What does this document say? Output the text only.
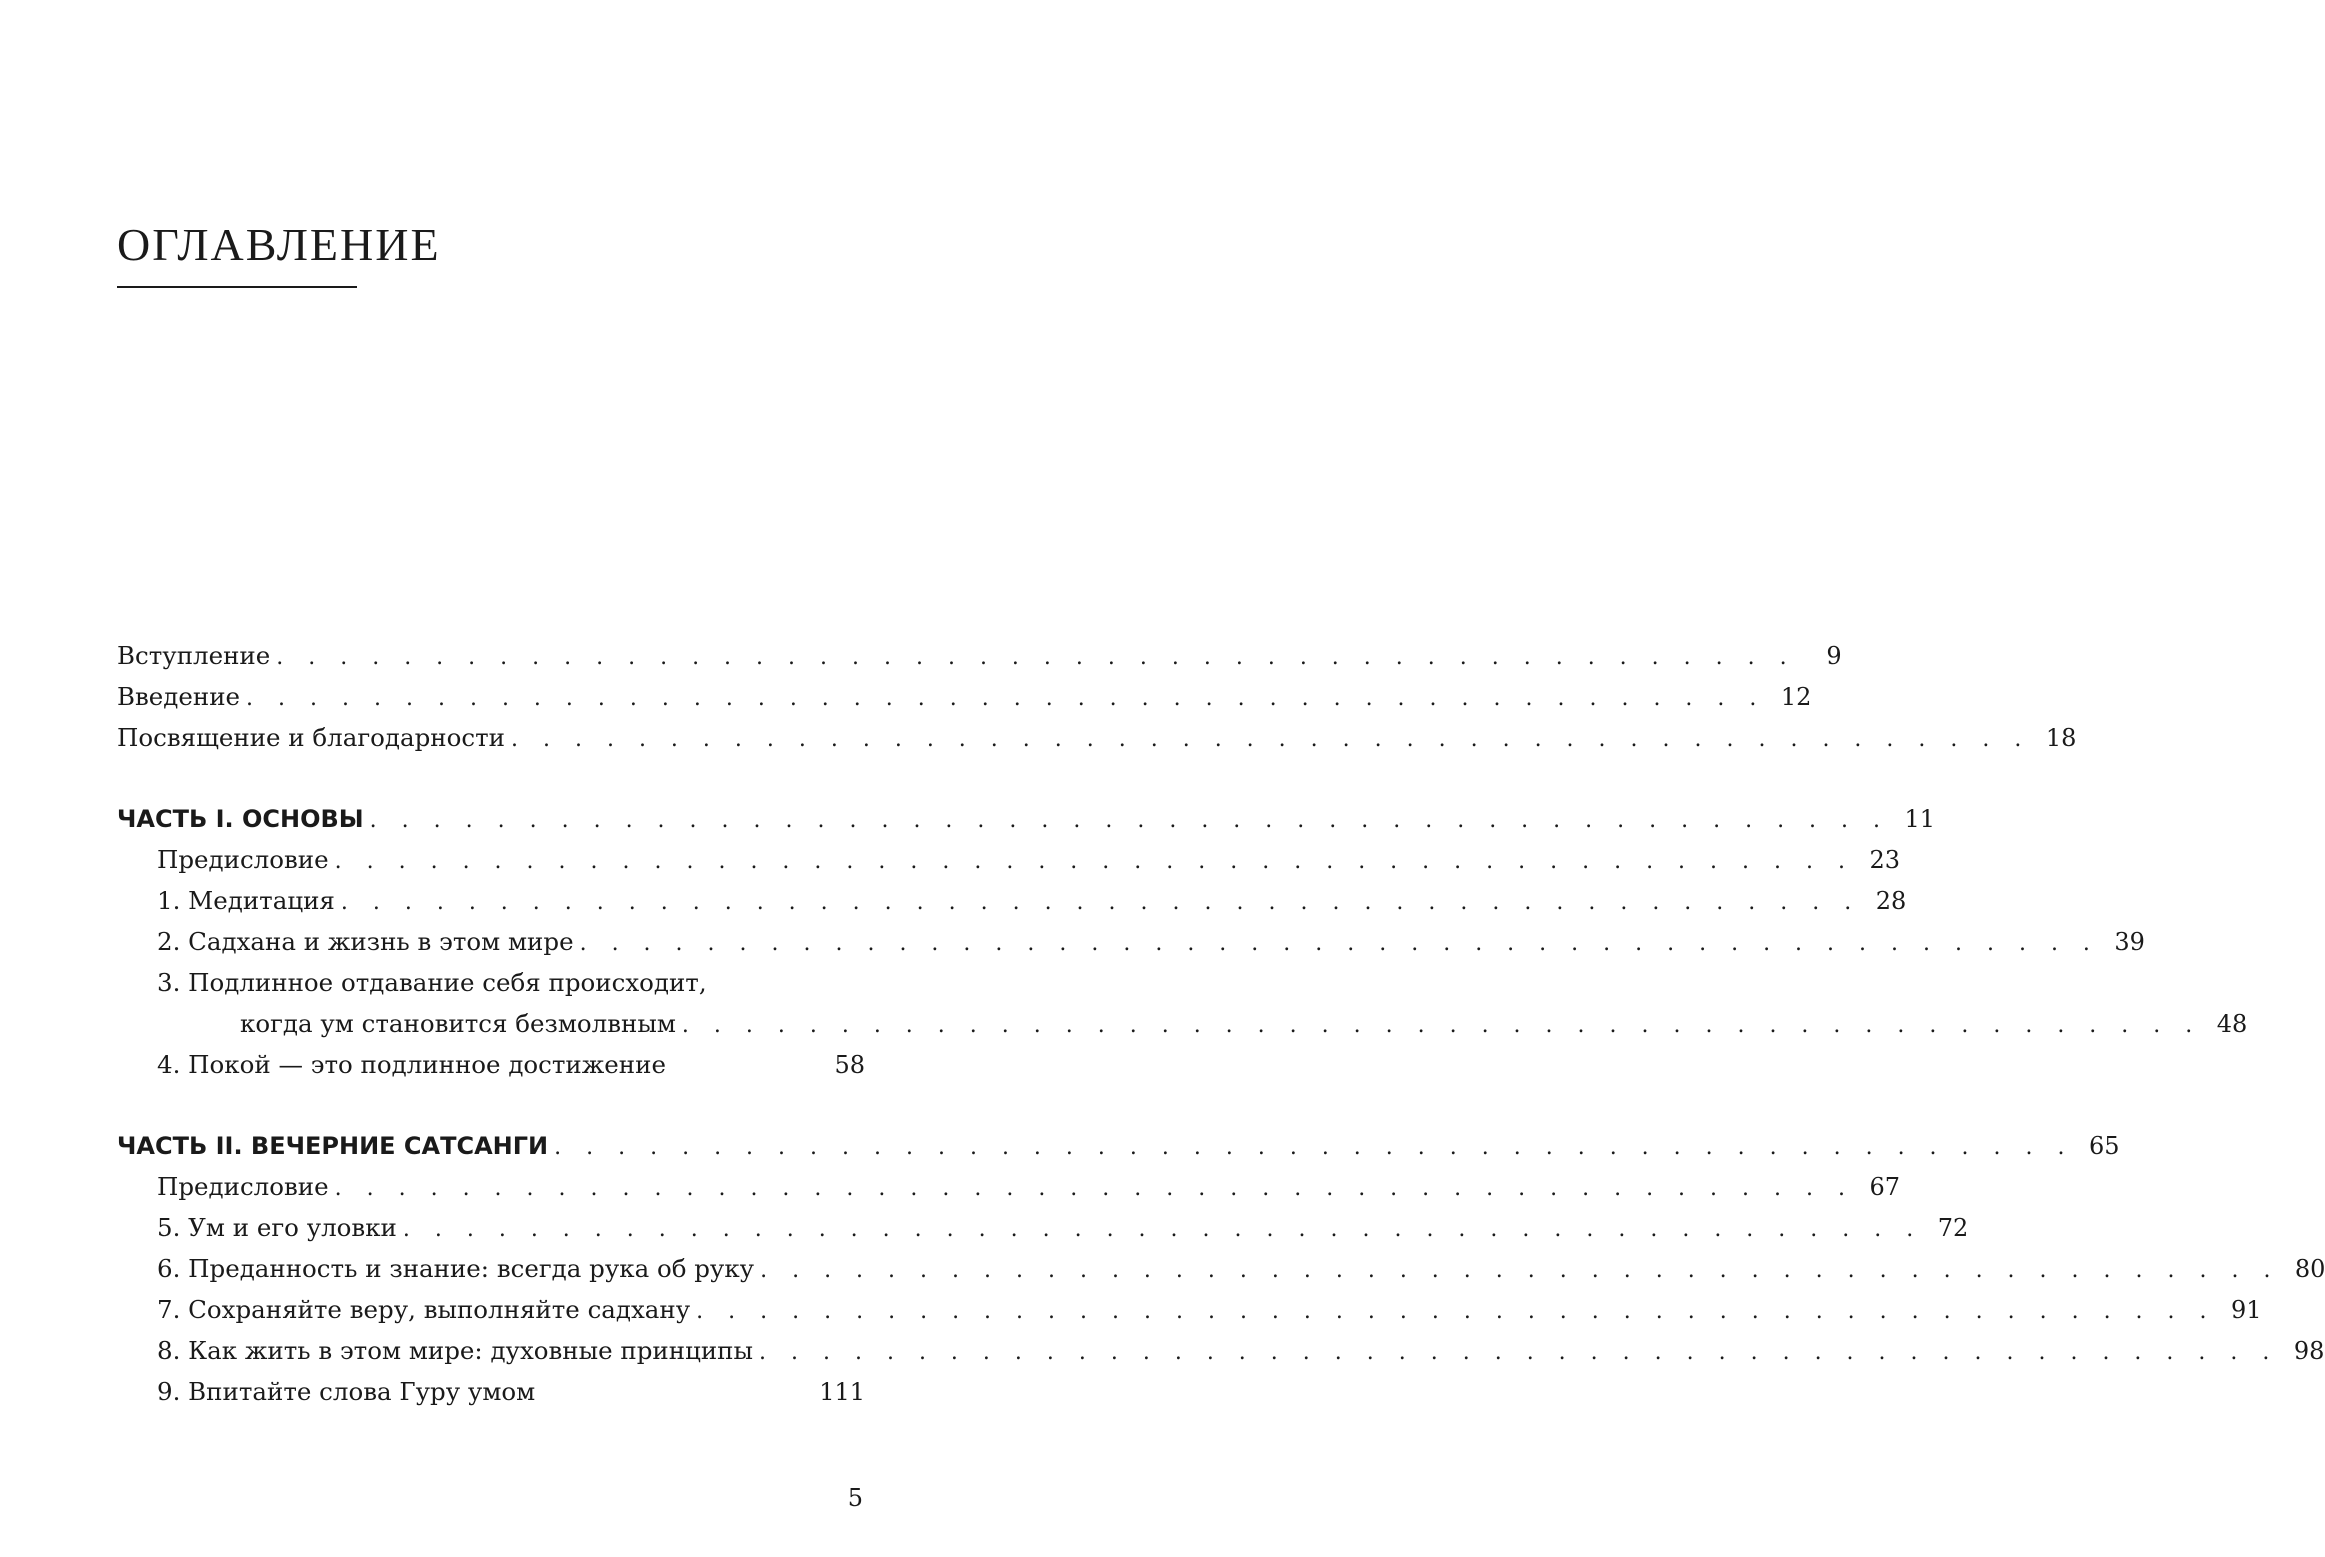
ОГЛАВЛЕНИЕ
Вступление . . . . . . . . . . . . . . . . . . . . . . . . . . . . . . . . . . . . . . . . . . . . . . . .	9
Введение . . . . . . . . . . . . . . . . . . . . . . . . . . . . . . . . . . . . . . . . . . . . . . . . 12
Посвящение и благодарности . . . . . . . . . . . . . . . . . . . . . . . . . . . . . . . . . . . . . . . . . . . . . . . . 18
ЧАСТЬ I. ОСНОВЫ . . . . . . . . . . . . . . . . . . . . . . . . . . . . . . . . . . . . . . . . . . . . . . . . 11
Предисловие . . . . . . . . . . . . . . . . . . . . . . . . . . . . . . . . . . . . . . . . . . . . . . . . 23
1. Медитация . . . . . . . . . . . . . . . . . . . . . . . . . . . . . . . . . . . . . . . . . . . . . . . . 28
2. Садхана и жизнь в этом мире . . . . . . . . . . . . . . . . . . . . . . . . . . . . . . . . . . . . . . . . . . . . . . . . 39
3. Подлинное отдавание себя происходит,
когда ум становится безмолвным . . . . . . . . . . . . . . . . . . . . . . . . . . . . . . . . . . . . . . . . . . . . . . . . 48
4. Покой — это подлинное достижение	58
ЧАСТЬ II. ВЕЧЕРНИЕ САТСАНГИ . . . . . . . . . . . . . . . . . . . . . . . . . . . . . . . . . . . . . . . . . . . . . . . . 65
Предисловие . . . . . . . . . . . . . . . . . . . . . . . . . . . . . . . . . . . . . . . . . . . . . . . . 67
5. Ум и его уловки . . . . . . . . . . . . . . . . . . . . . . . . . . . . . . . . . . . . . . . . . . . . . . . . 72
6. Преданность и знание: всегда рука об руку . . . . . . . . . . . . . . . . . . . . . . . . . . . . . . . . . . . . . . . . . . . . . . . . 80
7. Сохраняйте веру, выполняйте садхану . . . . . . . . . . . . . . . . . . . . . . . . . . . . . . . . . . . . . . . . . . . . . . . . 91
8. Как жить в этом мире: духовные принципы . . . . . . . . . . . . . . . . . . . . . . . . . . . . . . . . . . . . . . . . . . . . . . . . 98
9. Впитайте слова Гуру умом	111
5
